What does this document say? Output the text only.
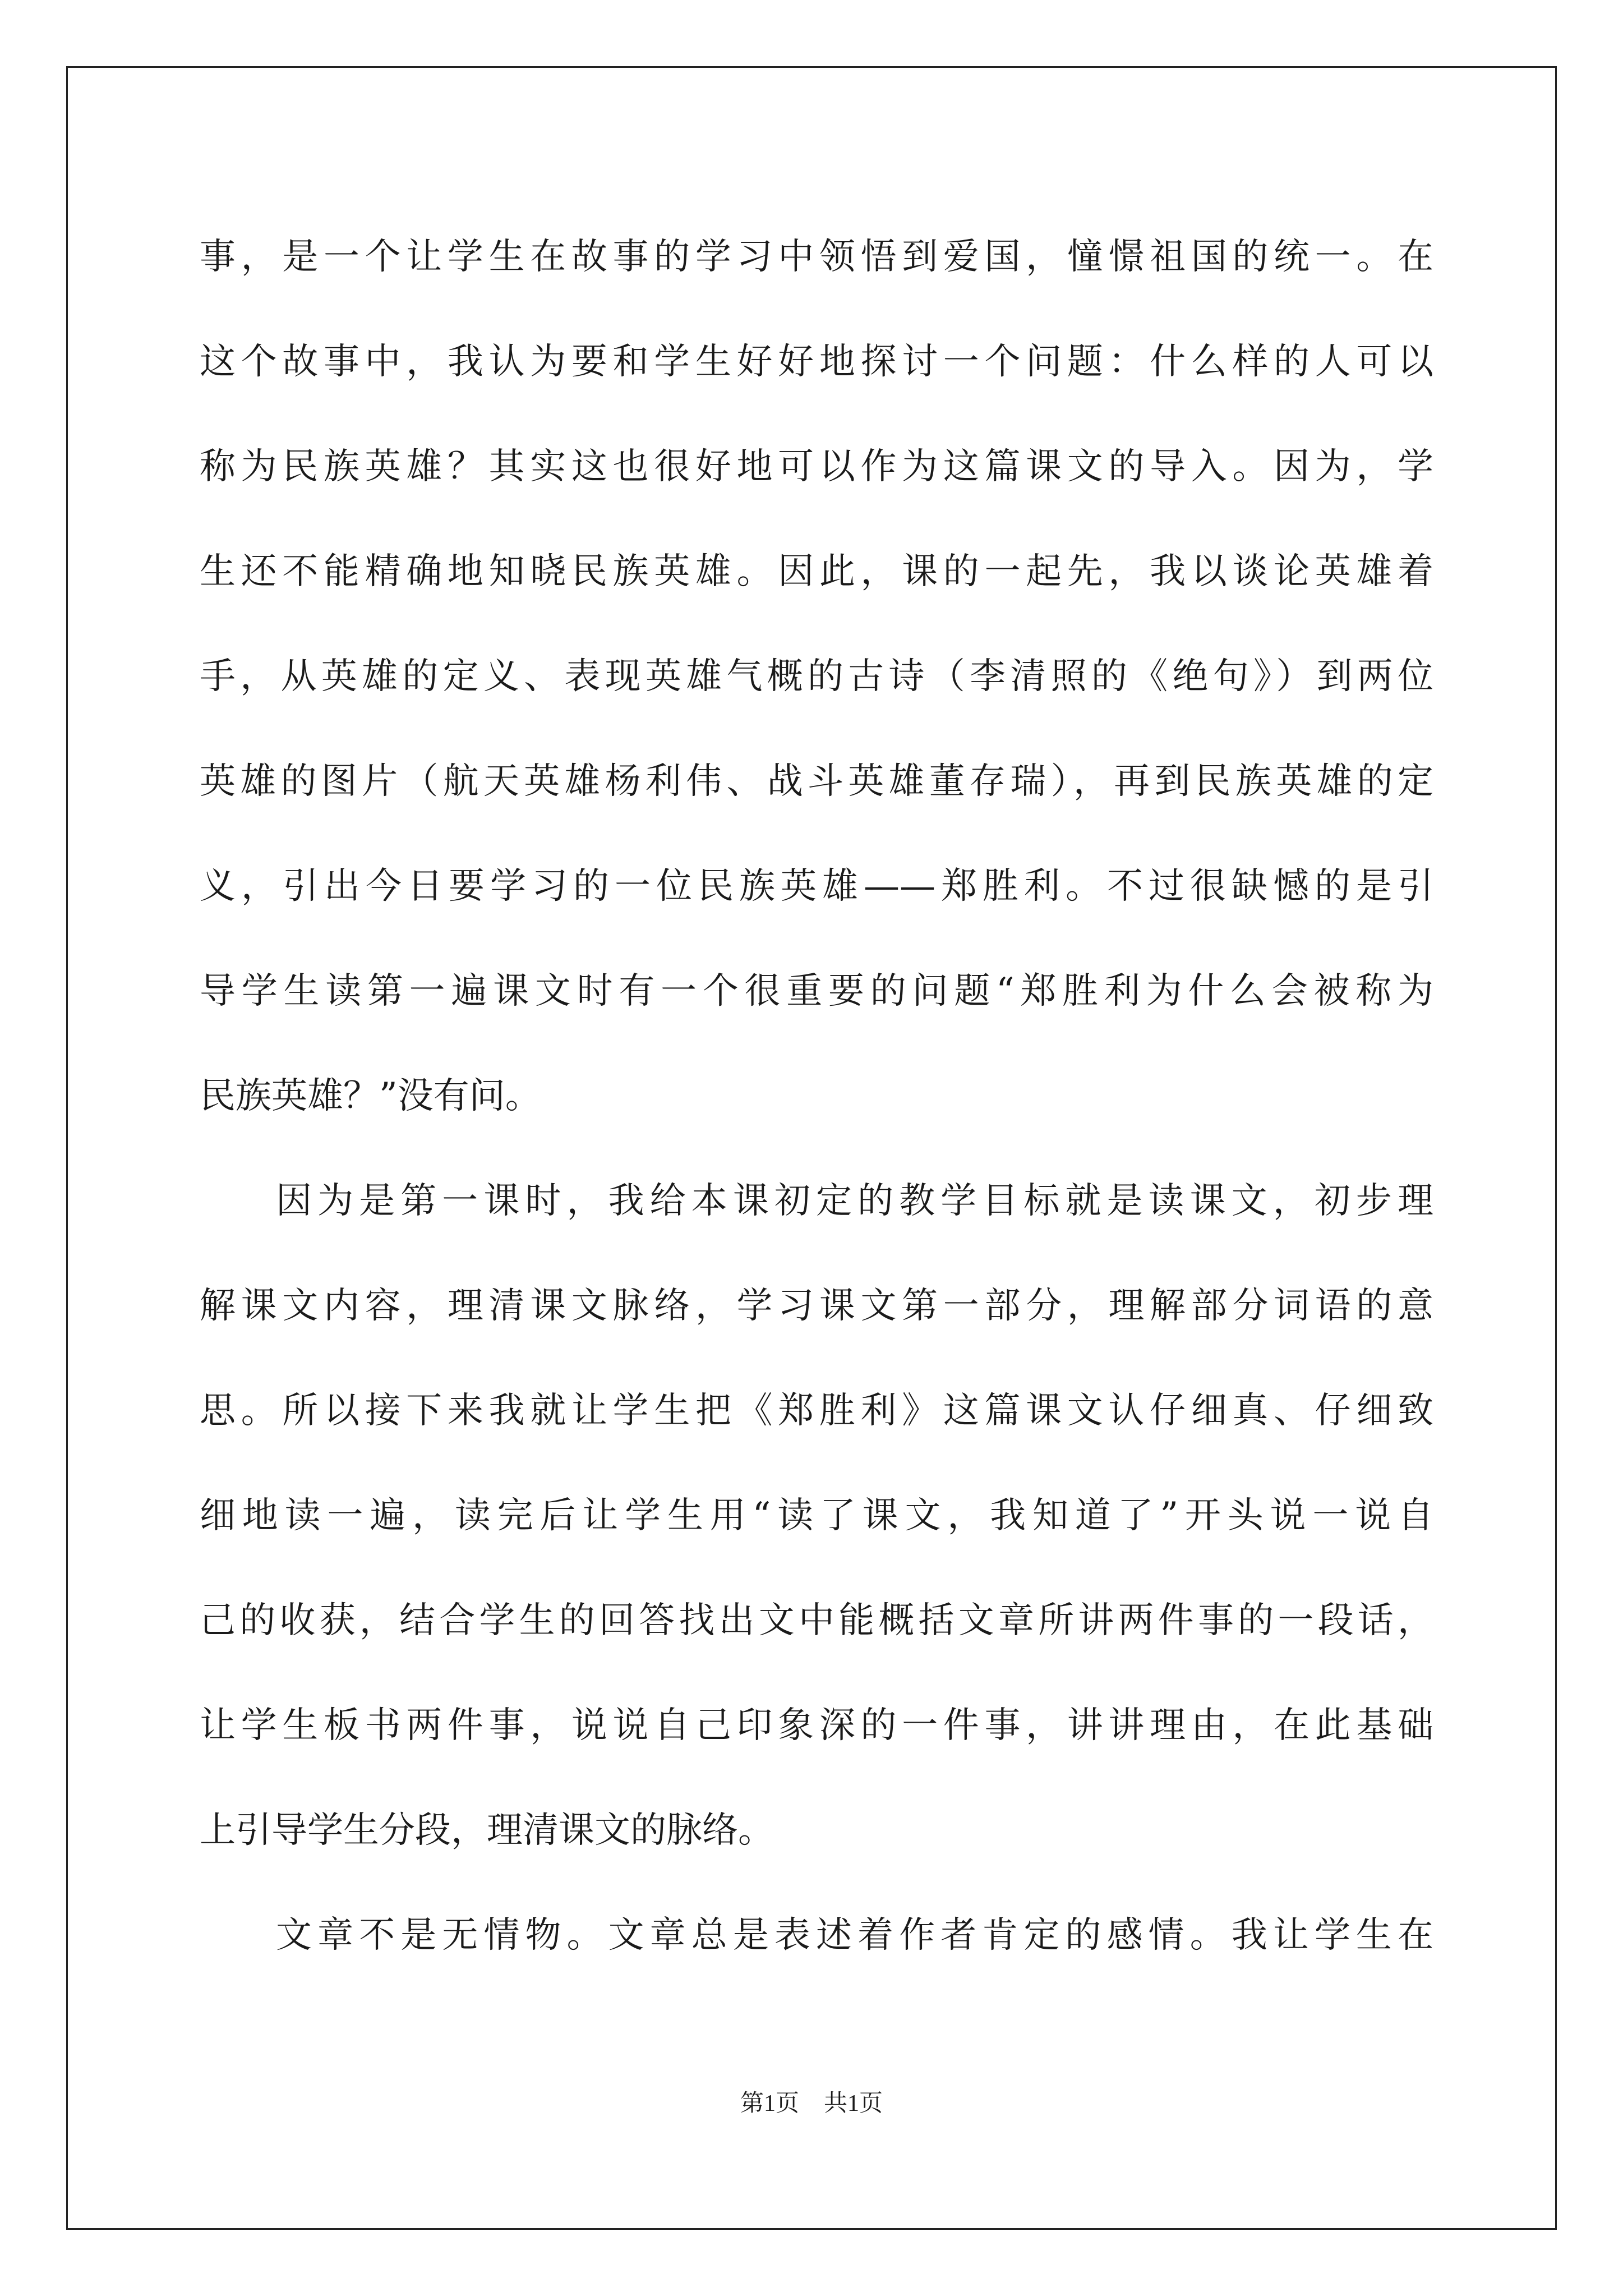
事，是一个让学生在故事的学习中领悟到爱国，憧憬祖国的统一。在
这个故事中，我认为要和学生好好地探讨一个问题：什么样的人可以
称为民族英雄？其实这也很好地可以作为这篇课文的导入。因为，学
生还不能精确地知晓民族英雄。因此，课的一起先，我以谈论英雄着
手，从英雄的定义、表现英雄气概的古诗（李清照的《绝句》）到两位
英雄的图片（航天英雄杨利伟、战斗英雄董存瑞），再到民族英雄的定
义，引出今日要学习的一位民族英雄——郑胜利。不过很缺憾的是引
导学生读第一遍课文时有一个很重要的问题“郑胜利为什么会被称为
民族英雄？”没有问。
因为是第一课时，我给本课初定的教学目标就是读课文，初步理
解课文内容，理清课文脉络，学习课文第一部分，理解部分词语的意
思。所以接下来我就让学生把《郑胜利》这篇课文认仔细真、仔细致
细地读一遍，读完后让学生用“读了课文，我知道了”开头说一说自
己的收获，结合学生的回答找出文中能概括文章所讲两件事的一段话，
让学生板书两件事，说说自己印象深的一件事，讲讲理由，在此基础
上引导学生分段，理清课文的脉络。
文章不是无情物。文章总是表述着作者肯定的感情。我让学生在
第1页 共1页
